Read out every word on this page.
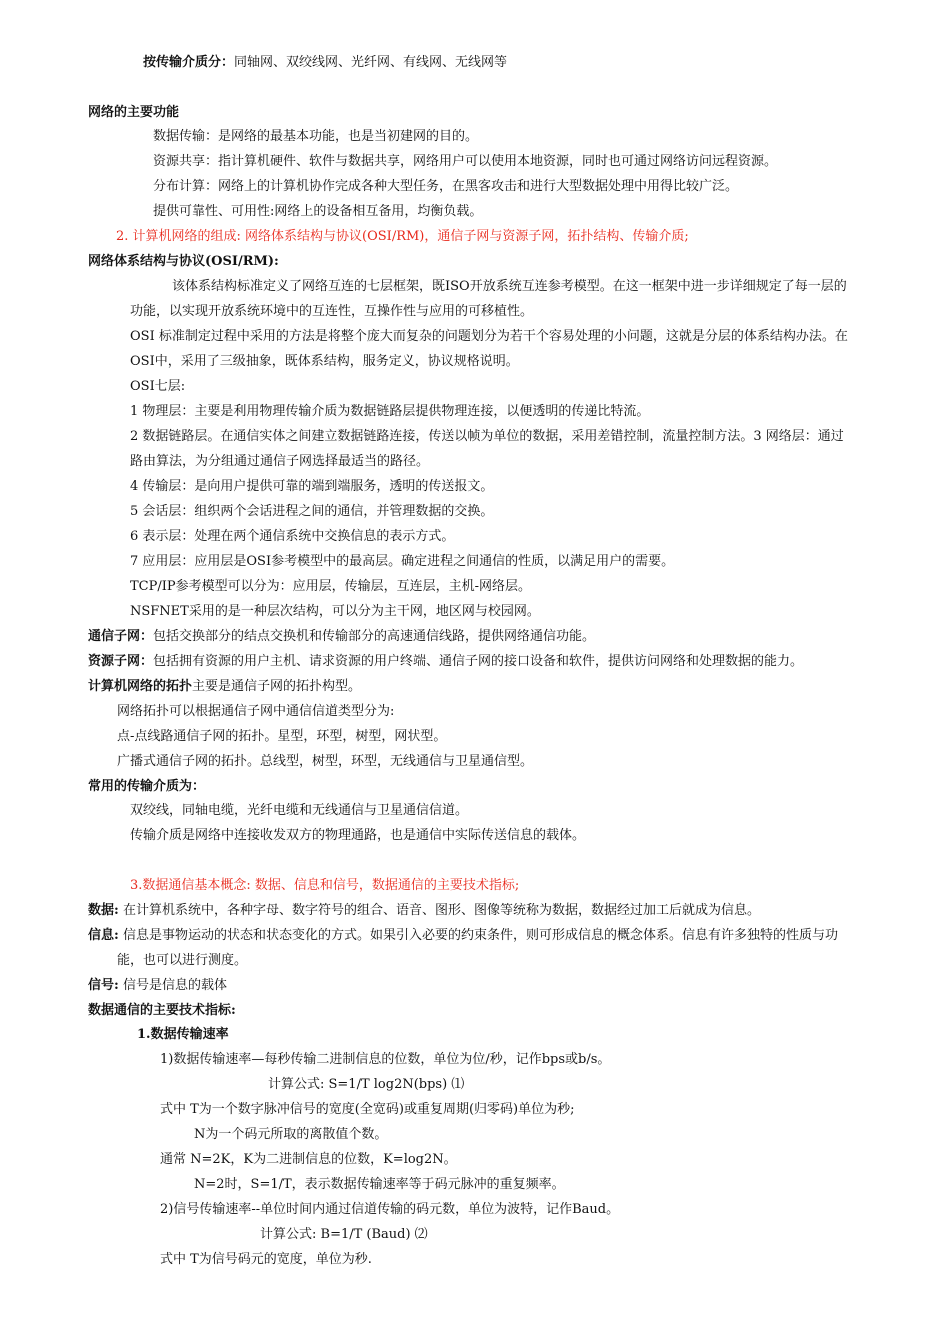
按传输介质分：同轴网、双绞线网、光纤网、有线网、无线网等
网络的主要功能
数据传输：是网络的最基本功能，也是当初建网的目的。
资源共享：指计算机硬件、软件与数据共享，网络用户可以使用本地资源，同时也可通过网络访问远程资源。
分布计算：网络上的计算机协作完成各种大型任务，在黑客攻击和进行大型数据处理中用得比较广泛。
提供可靠性、可用性:网络上的设备相互备用，均衡负载。
2. 计算机网络的组成: 网络体系结构与协议(OSI/RM)，通信子网与资源子网，拓扑结构、传输介质;
网络体系结构与协议(OSI/RM):
该体系结构标准定义了网络互连的七层框架，既ISO开放系统互连参考模型。在这一框架中进一步详细规定了每一层的
功能，以实现开放系统环境中的互连性，互操作性与应用的可移植性。
OSI 标准制定过程中采用的方法是将整个庞大而复杂的问题划分为若干个容易处理的小问题，这就是分层的体系结构办法。在
OSI中，采用了三级抽象，既体系结构，服务定义，协议规格说明。
OSI七层:
1 物理层：主要是利用物理传输介质为数据链路层提供物理连接，以便透明的传递比特流。
2 数据链路层。在通信实体之间建立数据链路连接，传送以帧为单位的数据，采用差错控制，流量控制方法。3 网络层：通过
路由算法，为分组通过通信子网选择最适当的路径。
4 传输层：是向用户提供可靠的端到端服务，透明的传送报文。
5 会话层：组织两个会话进程之间的通信，并管理数据的交换。
6 表示层：处理在两个通信系统中交换信息的表示方式。
7 应用层：应用层是OSI参考模型中的最高层。确定进程之间通信的性质，以满足用户的需要。
TCP/IP参考模型可以分为：应用层，传输层，互连层，主机-网络层。
NSFNET采用的是一种层次结构，可以分为主干网，地区网与校园网。
通信子网：包括交换部分的结点交换机和传输部分的高速通信线路，提供网络通信功能。
资源子网：包括拥有资源的用户主机、请求资源的用户终端、通信子网的接口设备和软件，提供访问网络和处理数据的能力。
计算机网络的拓扑主要是通信子网的拓扑构型。
网络拓扑可以根据通信子网中通信信道类型分为:
点-点线路通信子网的拓扑。星型，环型，树型，网状型。
广播式通信子网的拓扑。总线型，树型，环型，无线通信与卫星通信型。
常用的传输介质为：
双绞线，同轴电缆，光纤电缆和无线通信与卫星通信信道。
传输介质是网络中连接收发双方的物理通路，也是通信中实际传送信息的载体。
3.数据通信基本概念: 数据、信息和信号，数据通信的主要技术指标;
数据: 在计算机系统中，各种字母、数字符号的组合、语音、图形、图像等统称为数据，数据经过加工后就成为信息。
信息: 信息是事物运动的状态和状态变化的方式。如果引入必要的约束条件，则可形成信息的概念体系。信息有许多独特的性质与功
能，也可以进行测度。
信号: 信号是信息的载体
数据通信的主要技术指标:
1.数据传输速率
1)数据传输速率—每秒传输二进制信息的位数，单位为位/秒，记作bps或b/s。
计算公式: S=1/T log2N(bps) ⑴
式中 T为一个数字脉冲信号的宽度(全宽码)或重复周期(归零码)单位为秒;
N为一个码元所取的离散值个数。
通常 N=2K，K为二进制信息的位数，K=log2N。
N=2时，S=1/T，表示数据传输速率等于码元脉冲的重复频率。
2)信号传输速率--单位时间内通过信道传输的码元数，单位为波特，记作Baud。
计算公式: B=1/T (Baud) ⑵
式中 T为信号码元的宽度，单位为秒.
